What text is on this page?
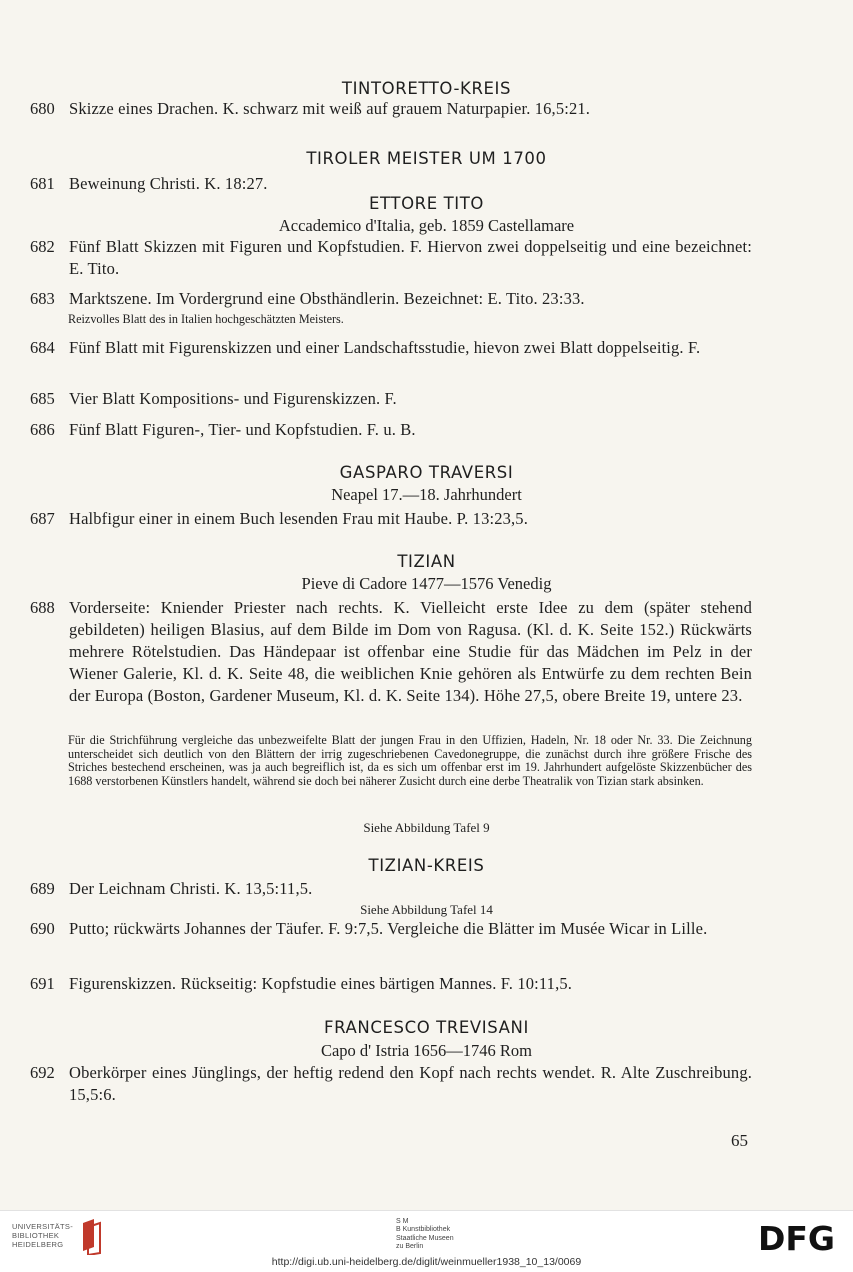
TINTORETTO-KREIS
680 Skizze eines Drachen. K. schwarz mit weiß auf grauem Naturpapier. 16,5:21.
TIROLER MEISTER UM 1700
681 Beweinung Christi. K. 18:27.
ETTORE TITO
Accademico d'Italia, geb. 1859 Castellamare
682 Fünf Blatt Skizzen mit Figuren und Kopfstudien. F. Hiervon zwei doppelseitig und eine bezeichnet: E. Tito.
683 Marktszene. Im Vordergrund eine Obsthändlerin. Bezeichnet: E. Tito. 23:33.
Reizvolles Blatt des in Italien hochgeschätzten Meisters.
684 Fünf Blatt mit Figurenskizzen und einer Landschaftsstudie, hievon zwei Blatt doppelseitig. F.
685 Vier Blatt Kompositions- und Figurenskizzen. F.
686 Fünf Blatt Figuren-, Tier- und Kopfstudien. F. u. B.
GASPARO TRAVERSI
Neapel 17.—18. Jahrhundert
687 Halbfigur einer in einem Buch lesenden Frau mit Haube. P. 13:23,5.
TIZIAN
Pieve di Cadore 1477—1576 Venedig
688 Vorderseite: Kniender Priester nach rechts. K. Vielleicht erste Idee zu dem (später stehend gebildeten) heiligen Blasius, auf dem Bilde im Dom von Ragusa. (Kl. d. K. Seite 152.) Rückwärts mehrere Rötelstudien. Das Händepaar ist offenbar eine Studie für das Mädchen im Pelz in der Wiener Galerie, Kl. d. K. Seite 48, die weiblichen Knie gehören als Entwürfe zu dem rechten Bein der Europa (Boston, Gardener Museum, Kl. d. K. Seite 134). Höhe 27,5, obere Breite 19, untere 23.
Für die Strichführung vergleiche das unbezweifelte Blatt der jungen Frau in den Uffizien, Hadeln, Nr. 18 oder Nr. 33. Die Zeichnung unterscheidet sich deutlich von den Blättern der irrig zugeschriebenen Cavedonegruppe, die zunächst durch ihre größere Frische des Striches bestechend erscheinen, was ja auch begreiflich ist, da es sich um offenbar erst im 19. Jahrhundert aufgelöste Skizzenbücher des 1688 verstorbenen Künstlers handelt, während sie doch bei näherer Zusicht durch eine derbe Theatralik von Tizian stark absinken.
Siehe Abbildung Tafel 9
TIZIAN-KREIS
689 Der Leichnam Christi. K. 13,5:11,5.
Siehe Abbildung Tafel 14
690 Putto; rückwärts Johannes der Täufer. F. 9:7,5. Vergleiche die Blätter im Musée Wicar in Lille.
691 Figurenskizzen. Rückseitig: Kopfstudie eines bärtigen Mannes. F. 10:11,5.
FRANCESCO TREVISANI
Capo d' Istria 1656—1746 Rom
692 Oberkörper eines Jünglings, der heftig redend den Kopf nach rechts wendet. R. Alte Zuschreibung. 15,5:6.
65
UNIVERSITÄTS- BIBLIOTHEK HEIDELBERG
S M
B Kunstbibliothek
Staatliche Museen
zu Berlin	DFG
http://digi.ub.uni-heidelberg.de/diglit/weinmueller1938_10_13/0069
